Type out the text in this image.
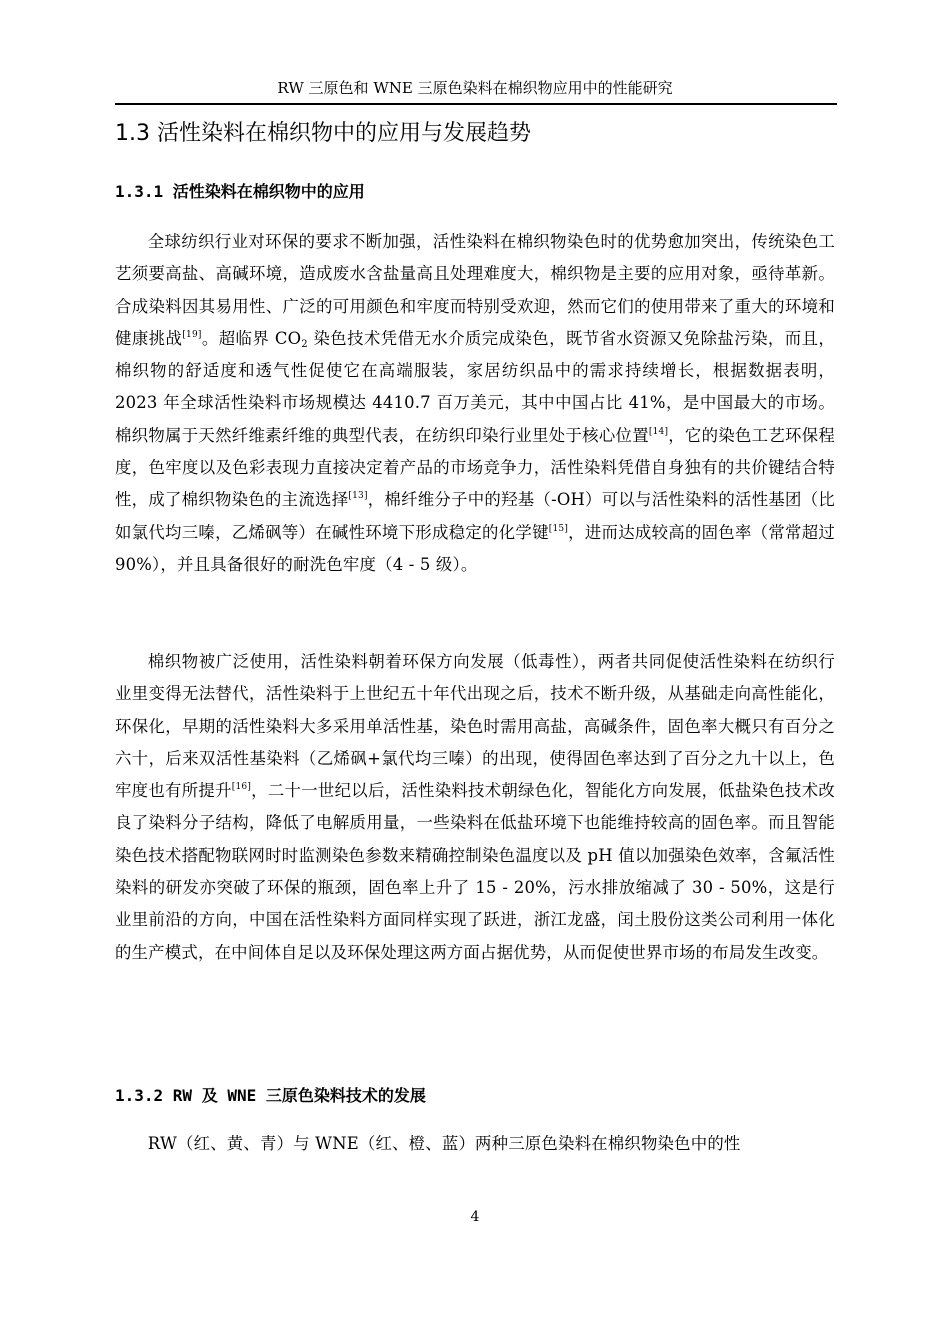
RW 三原色和 WNE 三原色染料在棉织物应用中的性能研究
1.3 活性染料在棉织物中的应用与发展趋势
1.3.1 活性染料在棉织物中的应用

全球纺织行业对环保的要求不断加强，活性染料在棉织物染色时的优势愈加突出，传统染色工艺须要高盐、高碱环境，造成废水含盐量高且处理难度大，棉织物是主要的应用对象，亟待革新。合成染料因其易用性、广泛的可用颜色和牢度而特别受欢迎，然而它们的使用带来了重大的环境和健康挑战[19]。超临界 $CO_2$ 染色技术凭借无水介质完成染色，既节省水资源又免除盐污染，而且，棉织物的舒适度和透气性促使它在高端服装，家居纺织品中的需求持续增长，根据数据表明，2023 年全球活性染料市场规模达 4410.7 百万美元，其中中国占比 41%，是中国最大的市场。棉织物属于天然纤维素纤维的典型代表，在纺织印染行业里处于核心位置[14]，它的染色工艺环保程度，色牢度以及色彩表现力直接决定着产品的市场竞争力，活性染料凭借自身独有的共价键结合特性，成了棉织物染色的主流选择[13]，棉纤维分子中的羟基（-OH）可以与活性染料的活性基团（比如氯代均三嗪，乙烯砜等）在碱性环境下形成稳定的化学键[15]，进而达成较高的固色率（常常超过 90%），并且具备很好的耐洗色牢度（4 - 5 级）。

棉织物被广泛使用，活性染料朝着环保方向发展（低毒性），两者共同促使活性染料在纺织行业里变得无法替代，活性染料于上世纪五十年代出现之后，技术不断升级，从基础走向高性能化，环保化，早期的活性染料大多采用单活性基，染色时需用高盐，高碱条件，固色率大概只有百分之六十，后来双活性基染料（乙烯砜+氯代均三嗪）的出现，使得固色率达到了百分之九十以上，色牢度也有所提升[16]，二十一世纪以后，活性染料技术朝绿色化，智能化方向发展，低盐染色技术改良了染料分子结构，降低了电解质用量，一些染料在低盐环境下也能维持较高的固色率。而且智能染色技术搭配物联网时时监测染色参数来精确控制染色温度以及 pH 值以加强染色效率，含氟活性染料的研发亦突破了环保的瓶颈，固色率上升了 15 - 20%，污水排放缩减了 30 - 50%，这是行业里前沿的方向，中国在活性染料方面同样实现了跃进，浙江龙盛，闰土股份这类公司利用一体化的生产模式，在中间体自足以及环保处理这两方面占据优势，从而促使世界市场的布局发生改变。

1.3.2 RW 及 WNE 三原色染料技术的发展

RW（红、黄、青）与 WNE（红、橙、蓝）两种三原色染料在棉织物染色中的性

4
